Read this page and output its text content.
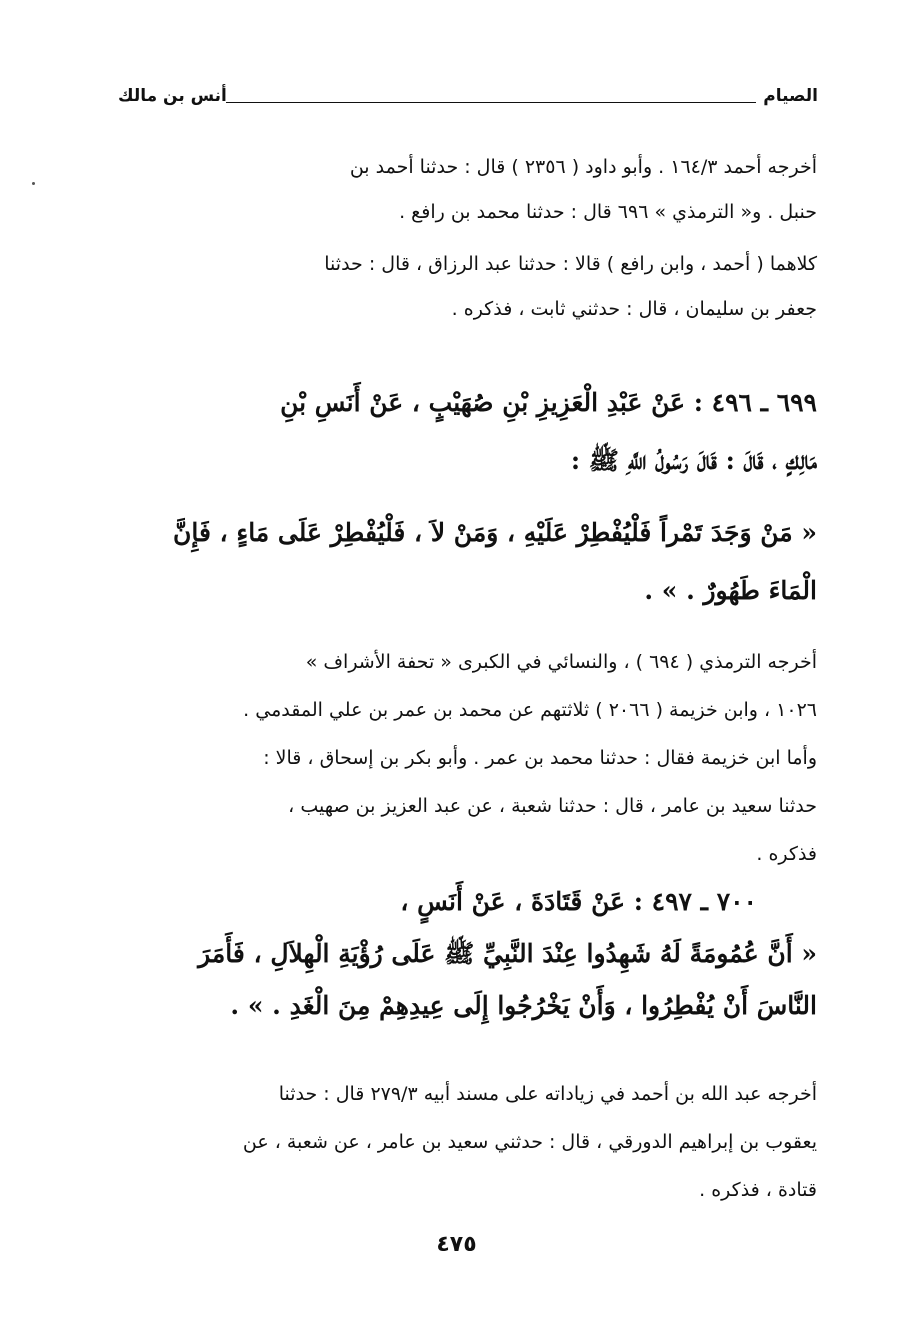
الصيام
أنس بن مالك

أخرجه أحمد ١٦٤/٣ . وأبو داود ( ٢٣٥٦ ) قال : حدثنا أحمد بن

حنبل . و« الترمذي » ٦٩٦ قال : حدثنا محمد بن رافع .

كلاهما ( أحمد ، وابن رافع ) قالا : حدثنا عبد الرزاق ، قال : حدثنا

جعفر بن سليمان ، قال : حدثني ثابت ، فذكره .

٦٩٩ ـ ٤٩٦ : عَنْ عَبْدِ الْعَزِيزِ بْنِ صُهَيْبٍ ، عَنْ أَنَسِ بْنِ

مَالِكٍ ، قَالَ : قَالَ رَسُولُ اللَّهِ ﷺ :

« مَنْ وَجَدَ تَمْراً فَلْيُفْطِرْ عَلَيْهِ ، وَمَنْ لاَ ، فَلْيُفْطِرْ عَلَى مَاءٍ ، فَإِنَّ

الْمَاءَ طَهُورٌ . » .

أخرجه الترمذي ( ٦٩٤ ) ، والنسائي في الكبرى « تحفة الأشراف »

١٠٢٦ ، وابن خزيمة ( ٢٠٦٦ ) ثلاثتهم عن محمد بن عمر بن علي المقدمي .

وأما ابن خزيمة فقال : حدثنا محمد بن عمر . وأبو بكر بن إسحاق ، قالا :

حدثنا سعيد بن عامر ، قال : حدثنا شعبة ، عن عبد العزيز بن صهيب ،

فذكره .

٧٠٠ ـ ٤٩٧ : عَنْ قَتَادَةَ ، عَنْ أَنَسٍ ،

« أَنَّ عُمُومَةً لَهُ شَهِدُوا عِنْدَ النَّبِيِّ ﷺ عَلَى رُؤْيَةِ الْهِلاَلِ ، فَأَمَرَ

النَّاسَ أَنْ يُفْطِرُوا ، وَأَنْ يَخْرُجُوا إِلَى عِيدِهِمْ مِنَ الْغَدِ . » .

أخرجه عبد الله بن أحمد في زياداته على مسند أبيه ٢٧٩/٣ قال : حدثنا

يعقوب بن إبراهيم الدورقي ، قال : حدثني سعيد بن عامر ، عن شعبة ، عن

قتادة ، فذكره .

٤٧٥
